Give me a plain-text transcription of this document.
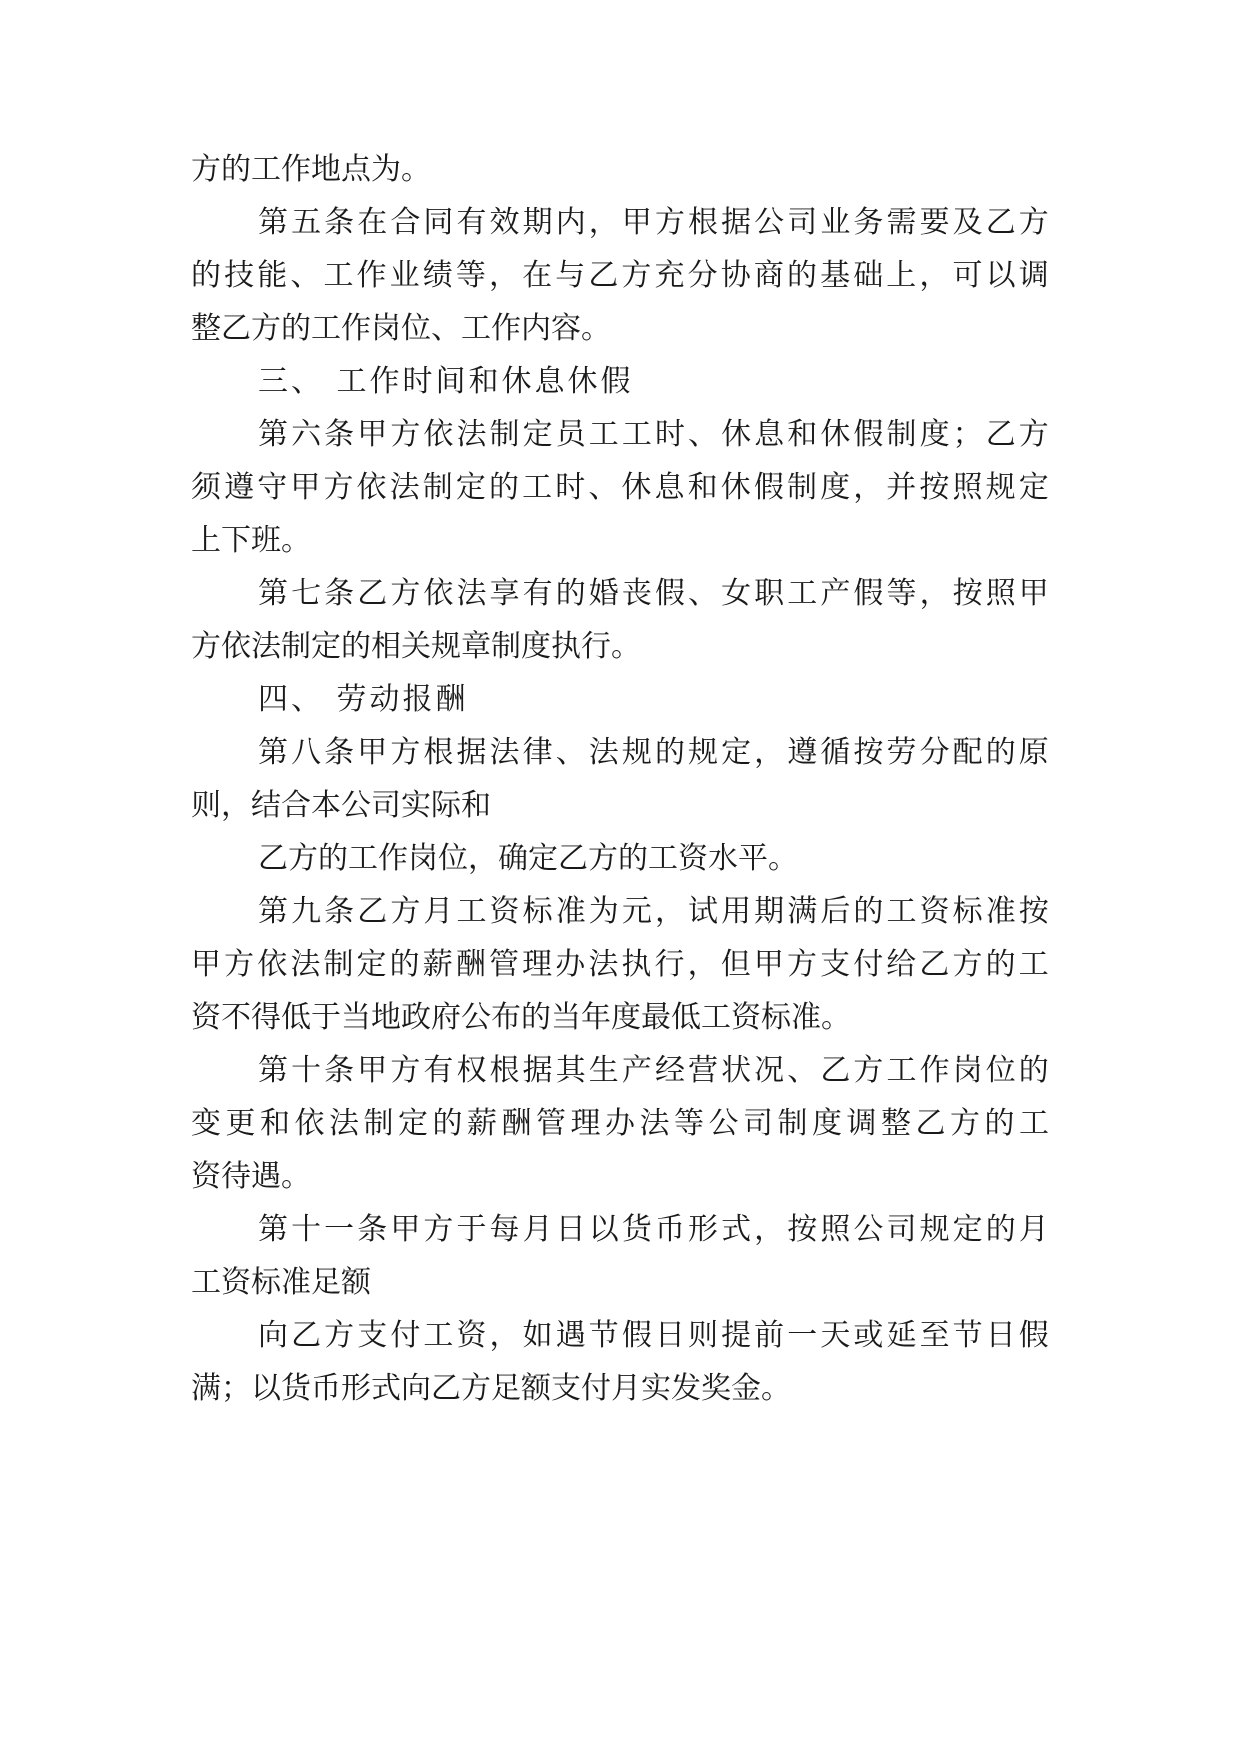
方的工作地点为。

第 五 条 在 合 同 有 效 期 内 ， 甲 方 根 据 公 司 业 务 需 要 及 乙 方

的 技 能 、 工 作 业 绩 等 ， 在 与 乙 方 充 分 协 商 的 基 础 上 ， 可 以 调

整乙方的工作岗位、工作内容。

三、 工作时间和休息休假

第 六 条 甲 方 依 法 制 定 员 工 工 时 、 休 息 和 休 假 制 度 ； 乙 方

须 遵 守 甲 方 依 法 制 定 的 工 时 、 休 息 和 休 假 制 度 ， 并 按 照 规 定

上下班。

第 七 条 乙 方 依 法 享 有 的 婚 丧 假 、 女 职 工 产 假 等 ， 按 照 甲

方依法制定的相关规章制度执行。

四、 劳动报酬

第 八 条 甲 方 根 据 法 律 、 法 规 的 规 定 ， 遵 循 按 劳 分 配 的 原

则，结合本公司实际和

乙方的工作岗位，确定乙方的工资水平。

第 九 条 乙 方 月 工 资 标 准 为 元 ， 试 用 期 满 后 的 工 资 标 准 按

甲 方 依 法 制 定 的 薪 酬 管 理 办 法 执 行 ， 但 甲 方 支 付 给 乙 方 的 工

资不得低于当地政府公布的当年度最低工资标准。

第 十 条 甲 方 有 权 根 据 其 生 产 经 营 状 况 、 乙 方 工 作 岗 位 的

变 更 和 依 法 制 定 的 薪 酬 管 理 办 法 等 公 司 制 度 调 整 乙 方 的 工

资待遇。

第 十 一 条 甲 方 于 每 月 日 以 货 币 形 式 ， 按 照 公 司 规 定 的 月

工资标准足额

向 乙 方 支 付 工 资 ， 如 遇 节 假 日 则 提 前 一 天 或 延 至 节 日 假

满；以货币形式向乙方足额支付月实发奖金。
